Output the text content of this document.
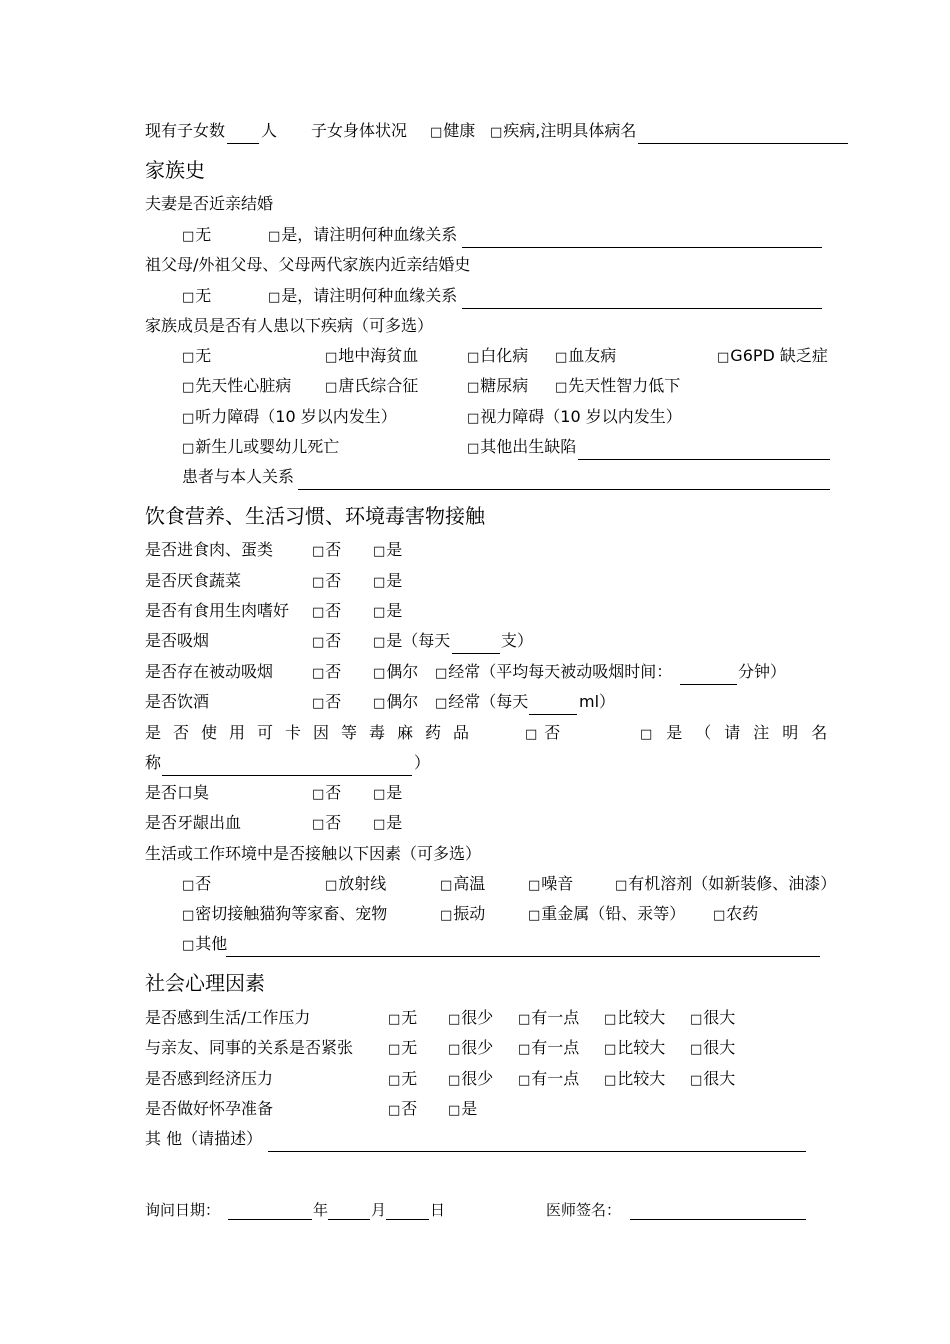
现有子女数 人 子女身体状况 □健康 □疾病,注明具体病名
家族史
夫妻是否近亲结婚
□无	□是，请注明何种血缘关系
祖父母/外祖父母、父母两代家族内近亲结婚史
□无	□是，请注明何种血缘关系
家族成员是否有人患以下疾病（可多选）
□无	□地中海贫血	□白化病 □血友病	□G6PD 缺乏症
□先天性心脏病	□唐氏综合征	□糖尿病 □先天性智力低下
□听力障碍（10 岁以内发生）	□视力障碍（10 岁以内发生）
□新生儿或婴幼儿死亡	□其他出生缺陷
患者与本人关系
饮食营养、生活习惯、环境毒害物接触
是否进食肉、蛋类	□否 □是
是否厌食蔬菜	□否 □是
是否有食用生肉嗜好 □否 □是
是否吸烟	□否 □是（每天	支）
是否存在被动吸烟	□否 □偶尔 □经常（平均每天被动吸烟时间：	分钟）
是否饮酒	□否 □偶尔 □经常（每天	ml）
是否使用可卡因等毒麻药品	□否	□是（请注明名
称	）
是否口臭	□否 □是
是否牙龈出血	□否 □是
生活或工作环境中是否接触以下因素（可多选）
□否	□放射线	□高温	□噪音	□有机溶剂（如新装修、油漆）
□密切接触猫狗等家畜、宠物	□振动	□重金属（铅、汞等） □农药
□其他
社会心理因素
是否感到生活/工作压力	□无 □很少 □有一点 □比较大 □很大
与亲友、同事的关系是否紧张	□无 □很少 □有一点 □比较大 □很大
是否感到经济压力	□无 □很少 □有一点 □比较大 □很大
是否做好怀孕准备	□否 □是
其 他（请描述）
询问日期：	年	月	日	医师签名：
